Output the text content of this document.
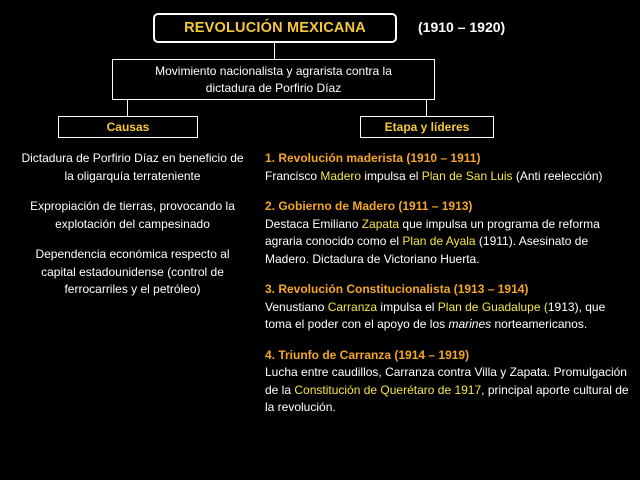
REVOLUCIÓN MEXICANA	(1910 – 1920)
Movimiento nacionalista y agrarista contra la
dictadura de Porfirio Díaz
Causas	Etapa y líderes

Dictadura de Porfirio Díaz en beneficio de la oligarquía terrateniente

Expropiación de tierras, provocando la explotación del campesinado

Dependencia económica respecto al capital estadounidense (control de ferrocarriles y el petróleo)

1. Revolución maderista (1910 – 1911)
Francisco Madero impulsa el Plan de San Luis (Anti reelección)
2. Gobierno de Madero (1911 – 1913)
Destaca Emiliano Zapata que impulsa un programa de reforma agraria conocido como el Plan de Ayala (1911). Asesinato de Madero. Dictadura de Victoriano Huerta.
3. Revolución Constitucionalista (1913 – 1914)
Venustiano Carranza impulsa el Plan de Guadalupe (1913), que toma el poder con el apoyo de los marines norteamericanos.
4. Triunfo de Carranza (1914 – 1919)
Lucha entre caudillos, Carranza contra Villa y Zapata. Promulgación de la Constitución de Querétaro de 1917, principal aporte cultural de la revolución.
